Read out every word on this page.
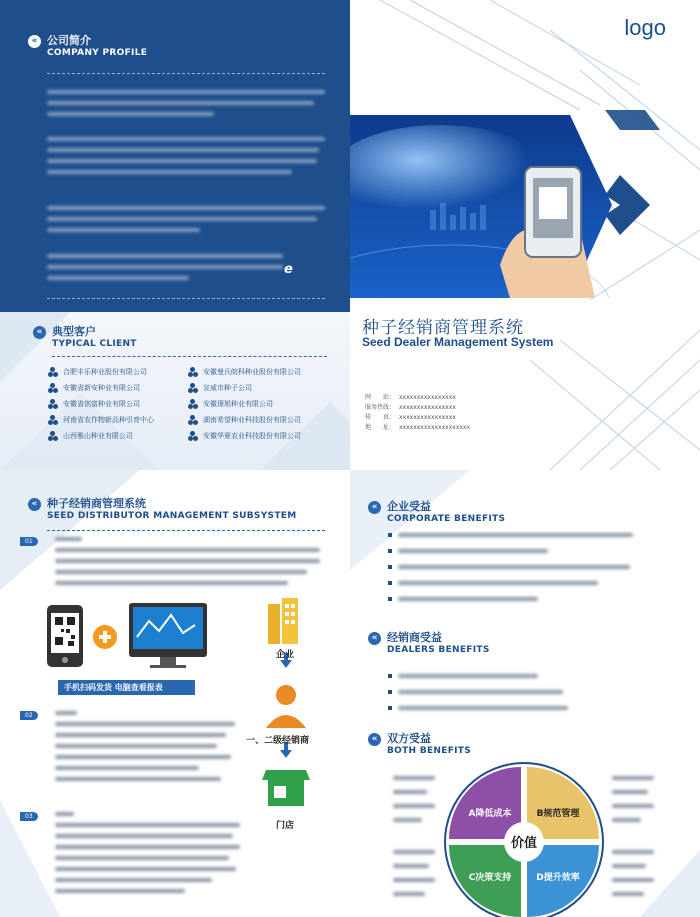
« 公司简介
COMPANY PROFILE
e
« 典型客户
TYPICAL CLIENT
合肥丰乐种业股份有限公司
安徽省新安种业有限公司
安徽省创富种业有限公司
河南省农作物新品种引育中心
山西雅山种业有限公司
安徽曼氏皖科种业股份有限公司
宣威市种子公司
安徽璟旭种业有限公司
湖南希望种业科技股份有限公司
安徽华夏农业科技股份有限公司
logo
种子经销商管理系统
Seed Dealer Management System
网　　站： xxxxxxxxxxxxxxxx
服务热线： xxxxxxxxxxxxxxxx
传　　真： xxxxxxxxxxxxxxxx
地　　址： xxxxxxxxxxxxxxxxxxxx
« 种子经销商管理系统
SEED DISTRIBUTOR MANAGEMENT SUBSYSTEM
01
手机扫码发货 电脑查看报表
企业
一、二级经销商
门店
02
03
« 企业受益
CORPORATE BENEFITS
« 经销商受益
DEALERS BENEFITS
« 双方受益
BOTH BENEFITS
价值
A降低成本	B规范管理
C决策支持	D提升效率
